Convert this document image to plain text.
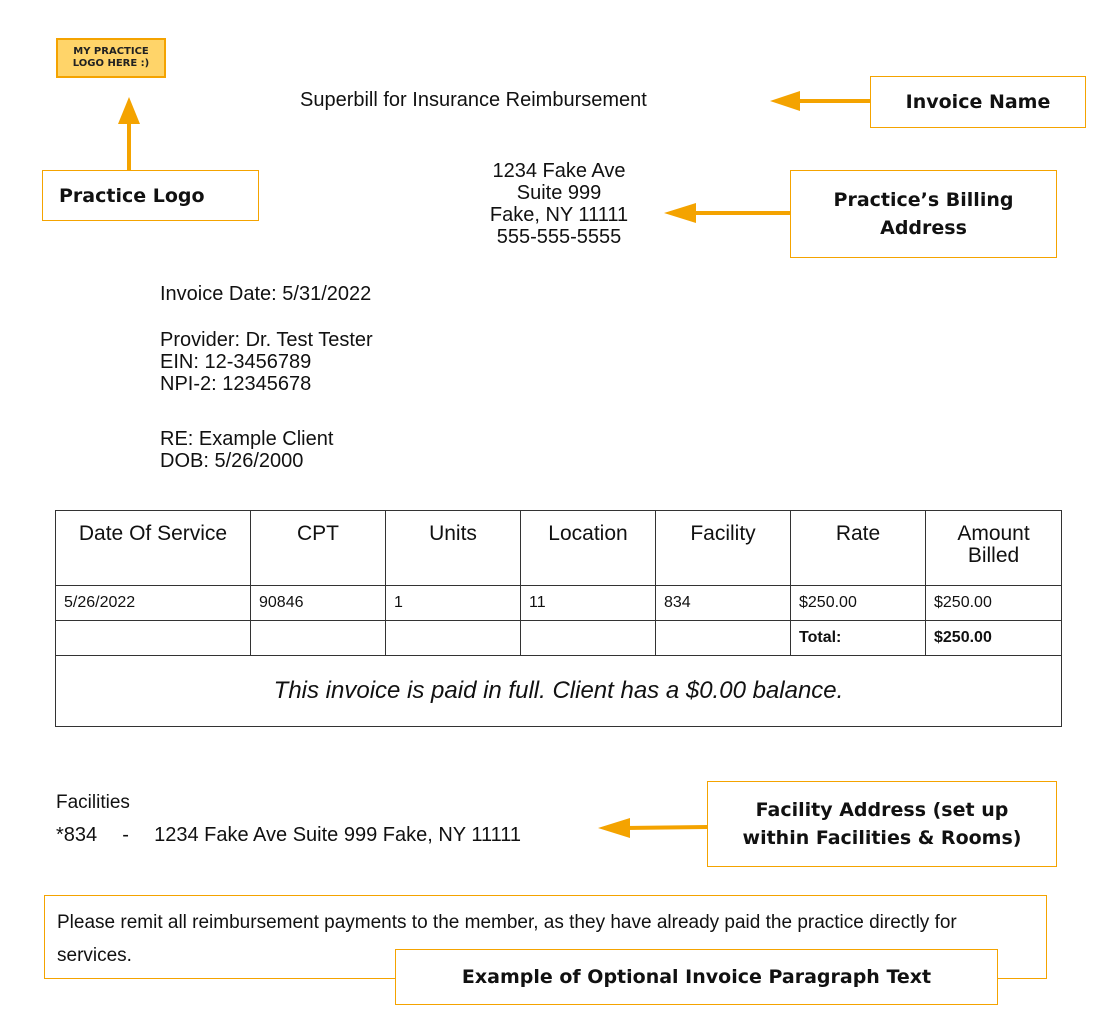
MY PRACTICE
LOGO HERE :)
Superbill for Insurance Reimbursement	Invoice Name
Practice Logo
1234 Fake Ave
Suite 999
Fake, NY 11111
555-555-5555
Practice’s Billing Address
Invoice Date: 5/31/2022
Provider: Dr. Test Tester
EIN: 12-3456789
NPI-2: 12345678
RE: Example Client
DOB: 5/26/2000
Date Of Service	CPT	Units	Location	Facility	Rate	Amount Billed
5/26/2022	90846	1	11	834	$250.00	$250.00
					Total:	$250.00
This invoice is paid in full. Client has a $0.00 balance.						
Facilities
*834 - 1234 Fake Ave Suite 999 Fake, NY 11111
Facility Address (set up within Facilities & Rooms)
Please remit all reimbursement payments to the member, as they have already paid the practice directly for services.
Example of Optional Invoice Paragraph Text
